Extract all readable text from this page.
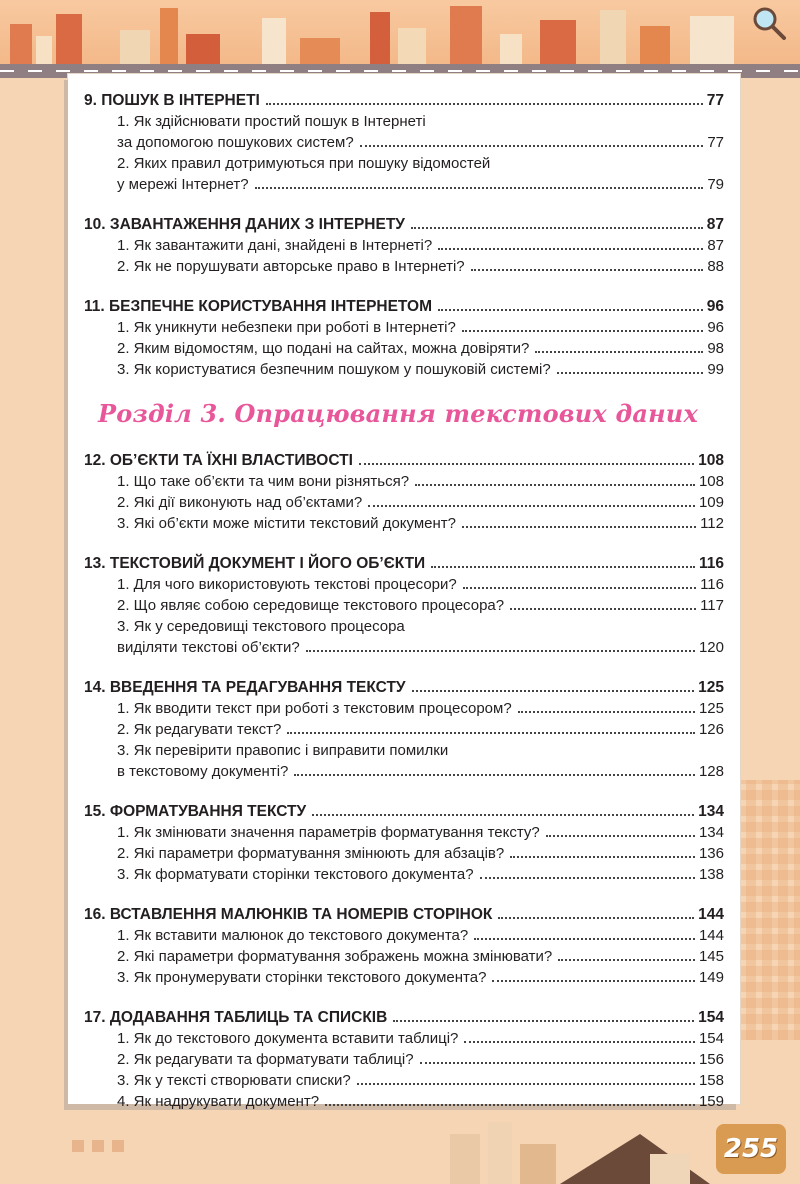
9. ПОШУК В ІНТЕРНЕТІ	77
1. Як здійснювати простий пошук в Інтернеті
за допомогою пошукових систем?	77
2. Яких правил дотримуються при пошуку відомостей
у мережі Інтернет?	79
10. ЗАВАНТАЖЕННЯ ДАНИХ З ІНТЕРНЕТУ	87
1. Як завантажити дані, знайдені в Інтернеті?	87
2. Як не порушувати авторське право в Інтернеті?	88
11. БЕЗПЕЧНЕ КОРИСТУВАННЯ ІНТЕРНЕТОМ	96
1. Як уникнути небезпеки при роботі в Інтернеті?	96
2. Яким відомостям, що подані на сайтах, можна довіряти?	98
3. Як користуватися безпечним пошуком у пошуковій системі?	99
Розділ 3. Опрацювання текстових даних
12. ОБ’ЄКТИ ТА ЇХНІ ВЛАСТИВОСТІ	108
1. Що таке об’єкти та чим вони різняться?	108
2. Які дії виконують над об’єктами?	109
3. Які об’єкти може містити текстовий документ?	112
13. ТЕКСТОВИЙ ДОКУМЕНТ І ЙОГО ОБ’ЄКТИ	116
1. Для чого використовують текстові процесори?	116
2. Що являє собою середовище текстового процесора?	117
3. Як у середовищі текстового процесора
виділяти текстові об’єкти?	120
14. ВВЕДЕННЯ ТА РЕДАГУВАННЯ ТЕКСТУ	125
1. Як вводити текст при роботі з текстовим процесором?	125
2. Як редагувати текст?	126
3. Як перевірити правопис і виправити помилки
в текстовому документі?	128
15. ФОРМАТУВАННЯ ТЕКСТУ	134
1. Як змінювати значення параметрів форматування тексту?	134
2. Які параметри форматування змінюють для абзаців?	136
3. Як форматувати сторінки текстового документа?	138
16. ВСТАВЛЕННЯ МАЛЮНКІВ ТА НОМЕРІВ СТОРІНОК	144
1. Як вставити малюнок до текстового документа?	144
2. Які параметри форматування зображень можна змінювати?	145
3. Як пронумерувати сторінки текстового документа?	149
17. ДОДАВАННЯ ТАБЛИЦЬ ТА СПИСКІВ	154
1. Як до текстового документа вставити таблиці?	154
2. Як редагувати та форматувати таблиці?	156
3. Як у тексті створювати списки?	158
4. Як надрукувати документ?	159
255
